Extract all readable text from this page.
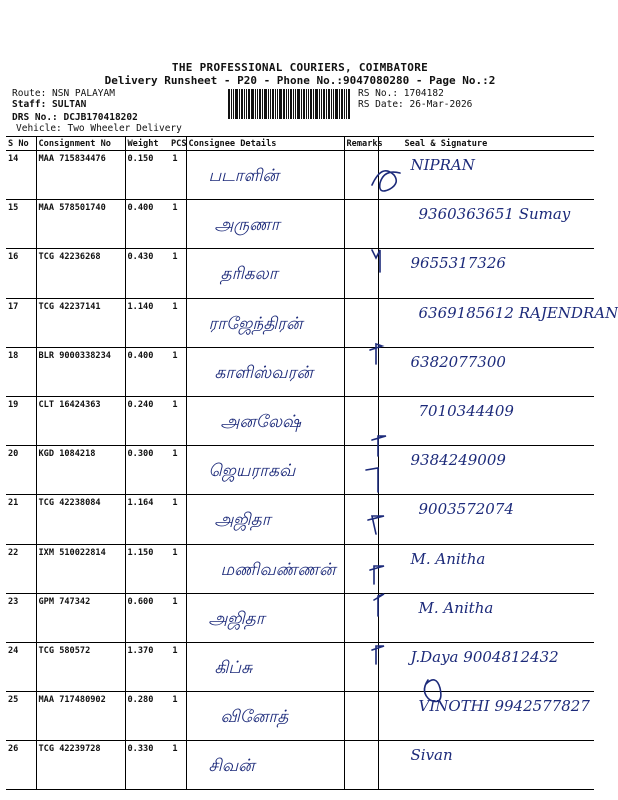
THE PROFESSIONAL COURIERS, COIMBATORE
Delivery Runsheet - P20 - Phone No.:9047080280 - Page No.:2
Route: NSN PALAYAM
Staff: SULTAN
DRS No.: DCJB170418202
Vehicle: Two Wheeler Delivery
RS No.: 1704182
RS Date: 26-Mar-2026
S No	Consignment No	Weight	PCS	Consignee Details	Remarks	Seal & Signature
14	MAA 715834476	0.150	1	படாளின்		NIPRAN

15	MAA 578501740	0.400	1	அருணா		9360363651 Sumay

16	TCG 42236268	0.430	1	தரிகலா		9655317326

17	TCG 42237141	1.140	1	ராஜேந்திரன்		6369185612 RAJENDRAN

18	BLR 9000338234	0.400	1	காளிஸ்வரன்		6382077300

19	CLT 16424363	0.240	1	அனலேஷ்		7010344409

20	KGD 1084218	0.300	1	ஜெயராகவ்		9384249009

21	TCG 42238084	1.164	1	அஜிதா		9003572074

22	IXM 510022814	1.150	1	மணிவண்ணன்		M. Anitha

23	GPM 747342	0.600	1	அஜிதா		M. Anitha

24	TCG 580572	1.370	1	கிப்சு		J.Daya 9004812432

25	MAA 717480902	0.280	1	வினோத்		VINOTHI 9942577827

26	TCG 42239728	0.330	1	சிவன்		Sivan
